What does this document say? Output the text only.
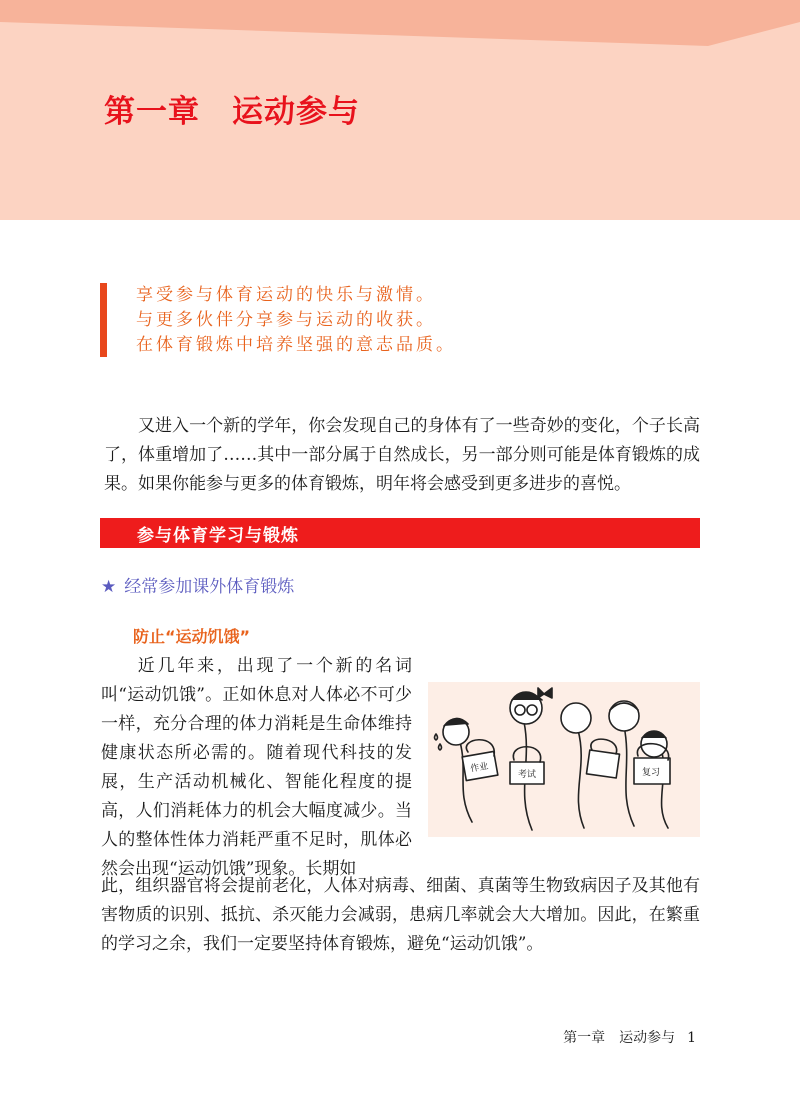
第一章　运动参与
享受参与体育运动的快乐与激情。
与更多伙伴分享参与运动的收获。
在体育锻炼中培养坚强的意志品质。

又进入一个新的学年，你会发现自己的身体有了一些奇妙的变化，个子长高了，体重增加了……其中一部分属于自然成长，另一部分则可能是体育锻炼的成果。如果你能参与更多的体育锻炼，明年将会感受到更多进步的喜悦。

参与体育学习与锻炼
★ 经常参加课外体育锻炼
防止“运动饥饿”

近几年来，出现了一个新的名词叫“运动饥饿”。正如休息对人体必不可少一样，充分合理的体力消耗是生命体维持健康状态所必需的。随着现代科技的发展，生产活动机械化、智能化程度的提高，人们消耗体力的机会大幅度减少。当人的整体性体力消耗严重不足时，肌体必然会出现“运动饥饿”现象。长期如

作业
考试	复习

此，组织器官将会提前老化，人体对病毒、细菌、真菌等生物致病因子及其他有害物质的识别、抵抗、杀灭能力会减弱，患病几率就会大大增加。因此，在繁重的学习之余，我们一定要坚持体育锻炼，避免“运动饥饿”。

第一章 运动参与 1
